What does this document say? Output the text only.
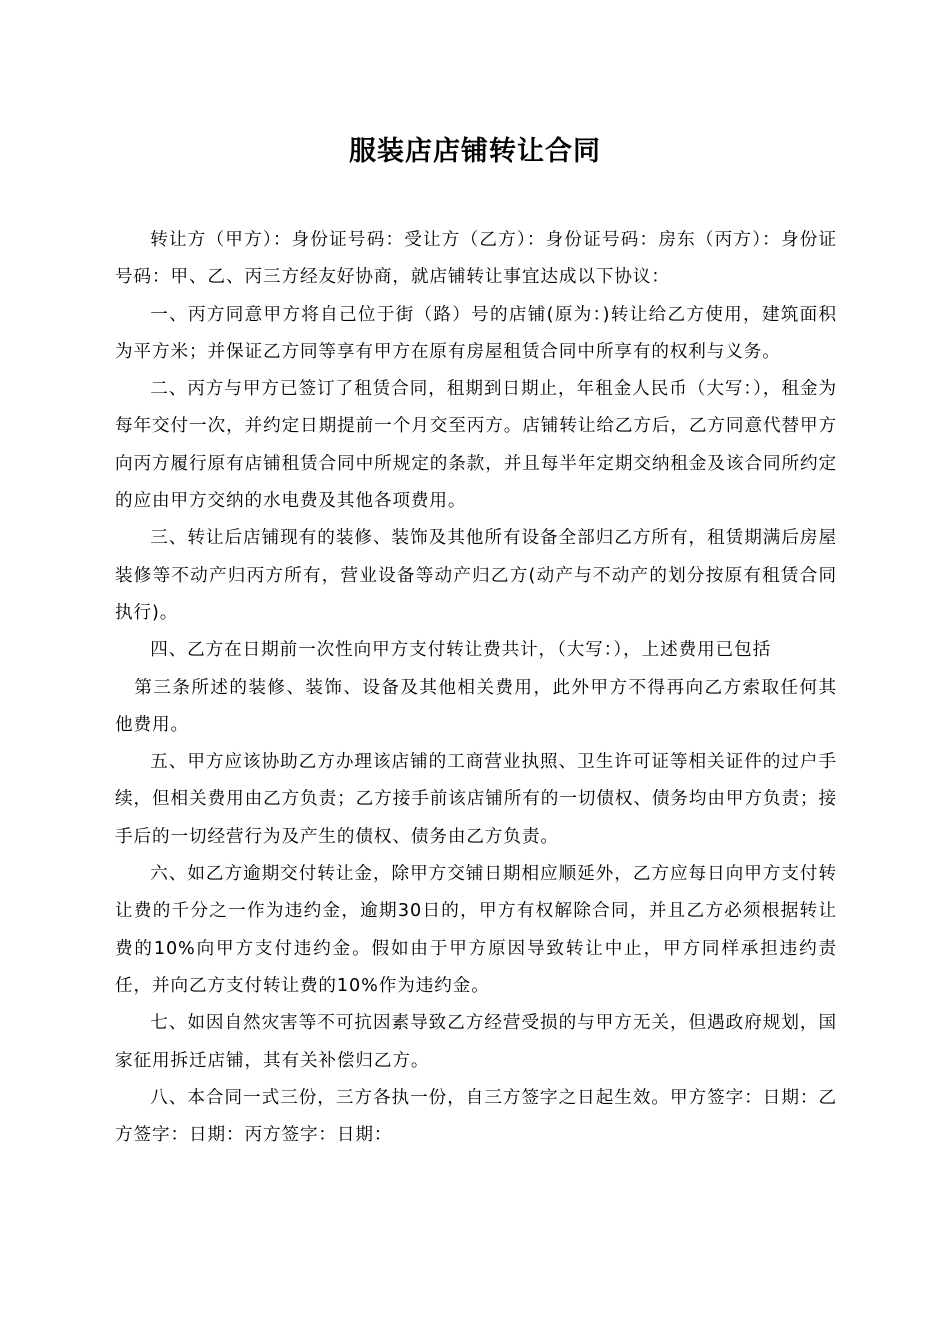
服装店店铺转让合同

转让方（甲方）：身份证号码：受让方（乙方）：身份证号码：房东（丙方）：身份证号码：甲、乙、丙三方经友好协商，就店铺转让事宜达成以下协议：

一、丙方同意甲方将自己位于街（路）号的店铺(原为：)转让给乙方使用，建筑面积为平方米；并保证乙方同等享有甲方在原有房屋租赁合同中所享有的权利与义务。

二、丙方与甲方已签订了租赁合同，租期到日期止，年租金人民币（大写：），租金为每年交付一次，并约定日期提前一个月交至丙方。店铺转让给乙方后，乙方同意代替甲方向丙方履行原有店铺租赁合同中所规定的条款，并且每半年定期交纳租金及该合同所约定的应由甲方交纳的水电费及其他各项费用。

三、转让后店铺现有的装修、装饰及其他所有设备全部归乙方所有，租赁期满后房屋装修等不动产归丙方所有，营业设备等动产归乙方(动产与不动产的划分按原有租赁合同执行)。

四、乙方在日期前一次性向甲方支付转让费共计，（大写：），上述费用已包括

第三条所述的装修、装饰、设备及其他相关费用，此外甲方不得再向乙方索取任何其他费用。

五、甲方应该协助乙方办理该店铺的工商营业执照、卫生许可证等相关证件的过户手续，但相关费用由乙方负责；乙方接手前该店铺所有的一切债权、债务均由甲方负责；接手后的一切经营行为及产生的债权、债务由乙方负责。

六、如乙方逾期交付转让金，除甲方交铺日期相应顺延外，乙方应每日向甲方支付转让费的千分之一作为违约金，逾期30日的，甲方有权解除合同，并且乙方必须根据转让费的10%向甲方支付违约金。假如由于甲方原因导致转让中止，甲方同样承担违约责任，并向乙方支付转让费的10%作为违约金。

七、如因自然灾害等不可抗因素导致乙方经营受损的与甲方无关，但遇政府规划，国家征用拆迁店铺，其有关补偿归乙方。

八、本合同一式三份，三方各执一份，自三方签字之日起生效。甲方签字：日期：乙方签字：日期：丙方签字：日期：
